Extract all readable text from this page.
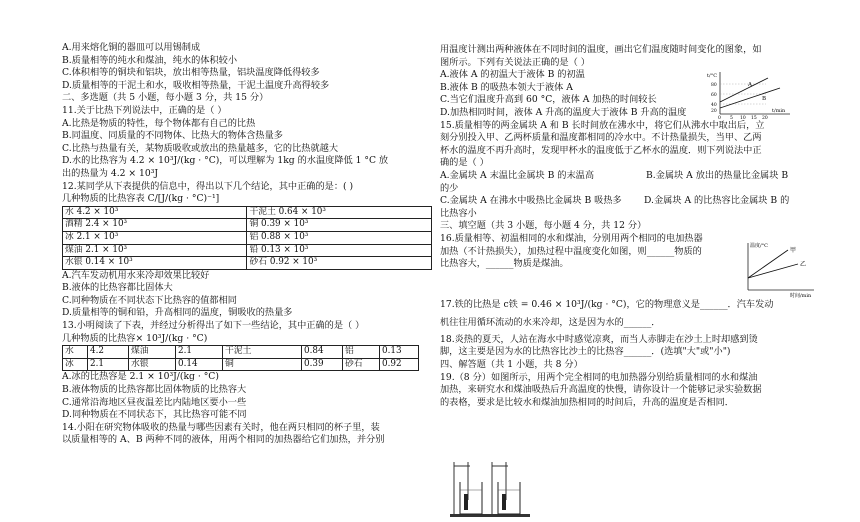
A.用来熔化铜的器皿可以用锡制成
B.质量相等的纯水和煤油，纯水的体积较小
C.体积相等的铜块和铝块，放出相等热量，铝块温度降低得较多
D.质量相等的干泥土和水，吸收相等热量，干泥土温度升高得较多
二、多选题（共 5 小题，每小题 3 分，共 15 分）
11.关于比热下列说法中，正确的是（ ）
A.比热是物质的特性，每个物体都有自己的比热
B.同温度、同质量的不同物体、比热大的物体含热量多
C.比热与热量有关，某物质吸收或放出的热量越多，它的比热就越大
D.水的比热容为 4.2 × 10³J/(kg · °C)，可以理解为 1kg 的水温度降低 1 °C 放
出的热量为 4.2 × 10³J
12.某同学从下表提供的信息中，得出以下几个结论，其中正确的是：( )
几种物质的比热容表 C/[J/(kg · °C)⁻¹]
水 4.2 × 10³	干泥土 0.64 × 10³
酒精 2.4 × 10³	铜 0.39 × 10³
冰 2.1 × 10³	铝 0.88 × 10³
煤油 2.1 × 10³	铅 0.13 × 10³
水银 0.14 × 10³	砂石 0.92 × 10³
A.汽车发动机用水来冷却效果比较好
B.液体的比热容都比固体大
C.同种物质在不同状态下比热容的值都相同
D.质量相等的铜和铅，升高相同的温度，铜吸收的热量多
13.小明阅读了下表，并经过分析得出了如下一些结论，其中正确的是（ ）
几种物质的比热容× 10³J/(kg · °C)
水	4.2	煤油	2.1	干泥土	0.84	铝	0.13
冰	2.1	水银	0.14	铜	0.39	砂石	0.92
A.冰的比热容是 2.1 × 10³J/(kg · °C)
B.液体物质的比热容都比固体物质的比热容大
C.通常沿海地区昼夜温差比内陆地区要小一些
D.同种物质在不同状态下，其比热容可能不同
14.小阳在研究物体吸收的热量与哪些因素有关时，他在两只相同的杯子里，装
以质量相等的 A、B 两种不同的液体，用两个相同的加热器给它们加热，并分别
用温度计测出两种液体在不同时间的温度，画出它们温度随时间变化的图象，如
图所示。下列有关说法正确的是（ ）
A.液体 A 的初温大于液体 B 的初温
B.液体 B 的吸热本领大于液体 A
C.当它们温度升高到 60 °C，液体 A 加热的时间较长
D.加热相同时间，液体 A 升高的温度大于液体 B 升高的温度
15.质量相等的两金属块 A 和 B 长时间放在沸水中，将它们从沸水中取出后，立
刻分别投入甲、乙两杯质量和温度都相同的冷水中。不计热量损失，当甲、乙两
杯水的温度不再升高时，发现甲杯水的温度低于乙杯水的温度．则下列说法中正
确的是（ ）
A.金属块 A 末温比金属块 B 的末温高	B.金属块 A 放出的热量比金属块 B
的少
C.金属块 A 在沸水中吸热比金属块 B 吸热多 D.金属块 A 的比热容比金属块 B 的
比热容小
三、填空题（共 3 小题，每小题 4 分，共 12 分）
16.质量相等、初温相同的水和煤油，分别用两个相同的电加热器
加热（不计热损失），加热过程中温度变化如图，则______物质的
比热容大，______物质是煤油。
17.铁的比热是 c铁 = 0.46 × 10³J/(kg · °C)，它的物理意义是______．汽车发动
机往往用循环流动的水来冷却，这是因为水的______．
18.炎热的夏天，人站在海水中时感觉凉爽，而当人赤脚走在沙土上时却感到烫
脚，这主要是因为水的比热容比沙土的比热容______．(选填"大"或"小")
四、解答题（共 1 小题，共 8 分）
19.（8 分）如图所示，用两个完全相同的电加热器分别给质量相同的水和煤油
加热，来研究水和煤油吸热后升高温度的快慢，请你设计一个能够记录实验数据
的表格，要求是比较水和煤油加热相同的时间后，升高的温度是否相同．
t/°C
t/min
80
60
40
20
0 5 10 15 20
A
B
温度/°C
时间/min
甲
乙
